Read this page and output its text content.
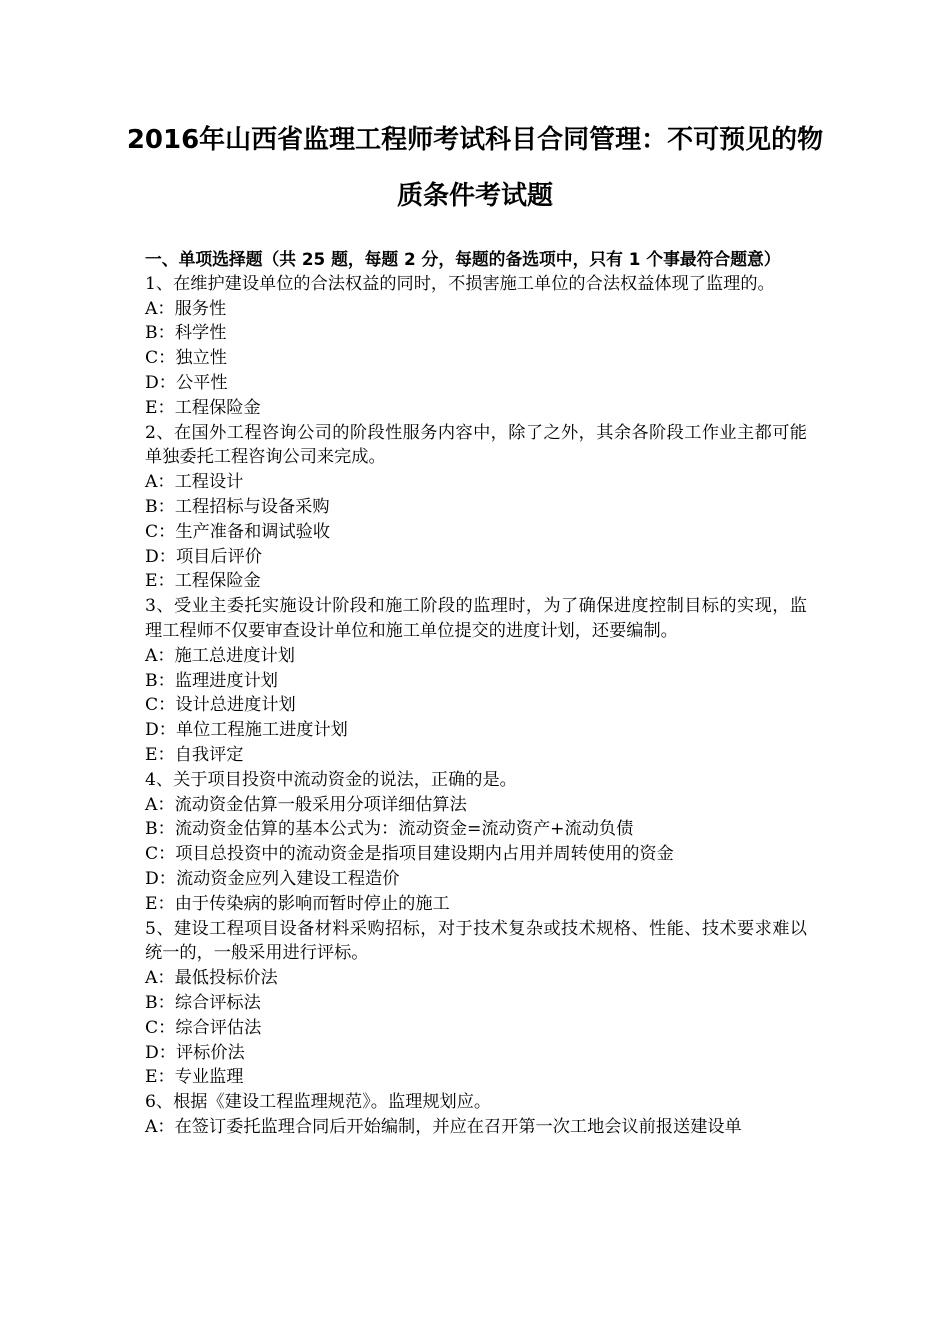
2016年山西省监理工程师考试科目合同管理：不可预见的物质条件考试题
一、单项选择题（共 25 题，每题 2 分，每题的备选项中，只有 1 个事最符合题意）
1、在维护建设单位的合法权益的同时，不损害施工单位的合法权益体现了监理的。
A：服务性
B：科学性
C：独立性
D：公平性
E：工程保险金
2、在国外工程咨询公司的阶段性服务内容中，除了之外，其余各阶段工作业主都可能单独委托工程咨询公司来完成。
A：工程设计
B：工程招标与设备采购
C：生产准备和调试验收
D：项目后评价
E：工程保险金
3、受业主委托实施设计阶段和施工阶段的监理时，为了确保进度控制目标的实现，监理工程师不仅要审查设计单位和施工单位提交的进度计划，还要编制。
A：施工总进度计划
B：监理进度计划
C：设计总进度计划
D：单位工程施工进度计划
E：自我评定
4、关于项目投资中流动资金的说法，正确的是。
A：流动资金估算一般采用分项详细估算法
B：流动资金估算的基本公式为：流动资金=流动资产+流动负债
C：项目总投资中的流动资金是指项目建设期内占用并周转使用的资金
D：流动资金应列入建设工程造价
E：由于传染病的影响而暂时停止的施工
5、建设工程项目设备材料采购招标，对于技术复杂或技术规格、性能、技术要求难以统一的，一般采用进行评标。
A：最低投标价法
B：综合评标法
C：综合评估法
D：评标价法
E：专业监理
6、根据《建设工程监理规范》。监理规划应。
A：在签订委托监理合同后开始编制，并应在召开第一次工地会议前报送建设单
